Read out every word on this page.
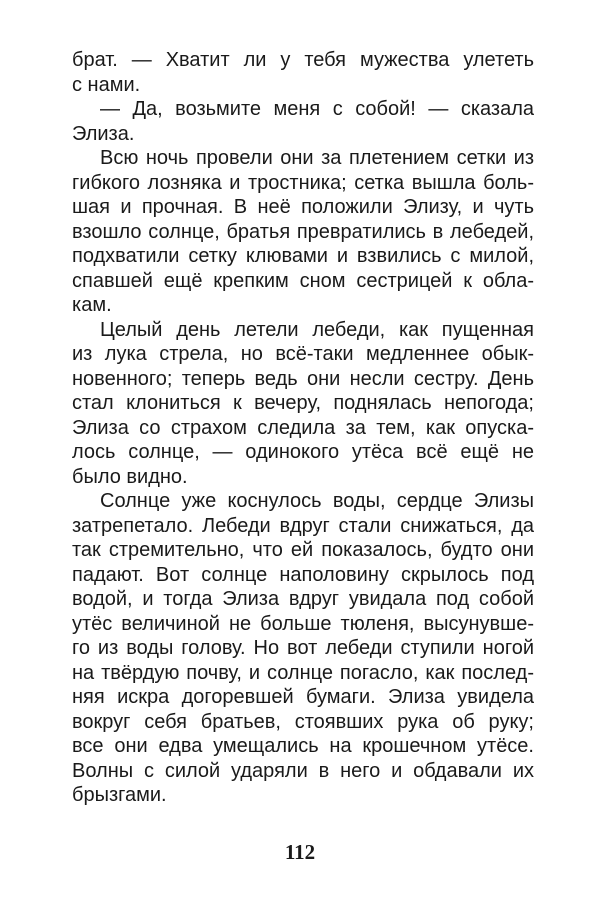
брат. — Хватит ли у тебя мужества улететь
с нами.
— Да, возьмите меня с собой! — сказала
Элиза.
Всю ночь провели они за плетением сетки из
гибкого лозняка и тростника; сетка вышла боль-
шая и прочная. В неё положили Элизу, и чуть
взошло солнце, братья превратились в лебедей,
подхватили сетку клювами и взвились с милой,
спавшей ещё крепким сном сестрицей к обла-
кам.
Целый день летели лебеди, как пущенная
из лука стрела, но всё-таки медленнее обык-
новенного; теперь ведь они несли сестру. День
стал клониться к вечеру, поднялась непогода;
Элиза со страхом следила за тем, как опуска-
лось солнце, — одинокого утёса всё ещё не
было видно.
Солнце уже коснулось воды, сердце Элизы
затрепетало. Лебеди вдруг стали снижаться, да
так стремительно, что ей показалось, будто они
падают. Вот солнце наполовину скрылось под
водой, и тогда Элиза вдруг увидала под собой
утёс величиной не больше тюленя, высунувше-
го из воды голову. Но вот лебеди ступили ногой
на твёрдую почву, и солнце погасло, как послед-
няя искра догоревшей бумаги. Элиза увидела
вокруг себя братьев, стоявших рука об руку;
все они едва умещались на крошечном утёсе.
Волны с силой ударяли в него и обдавали их
брызгами.
112
